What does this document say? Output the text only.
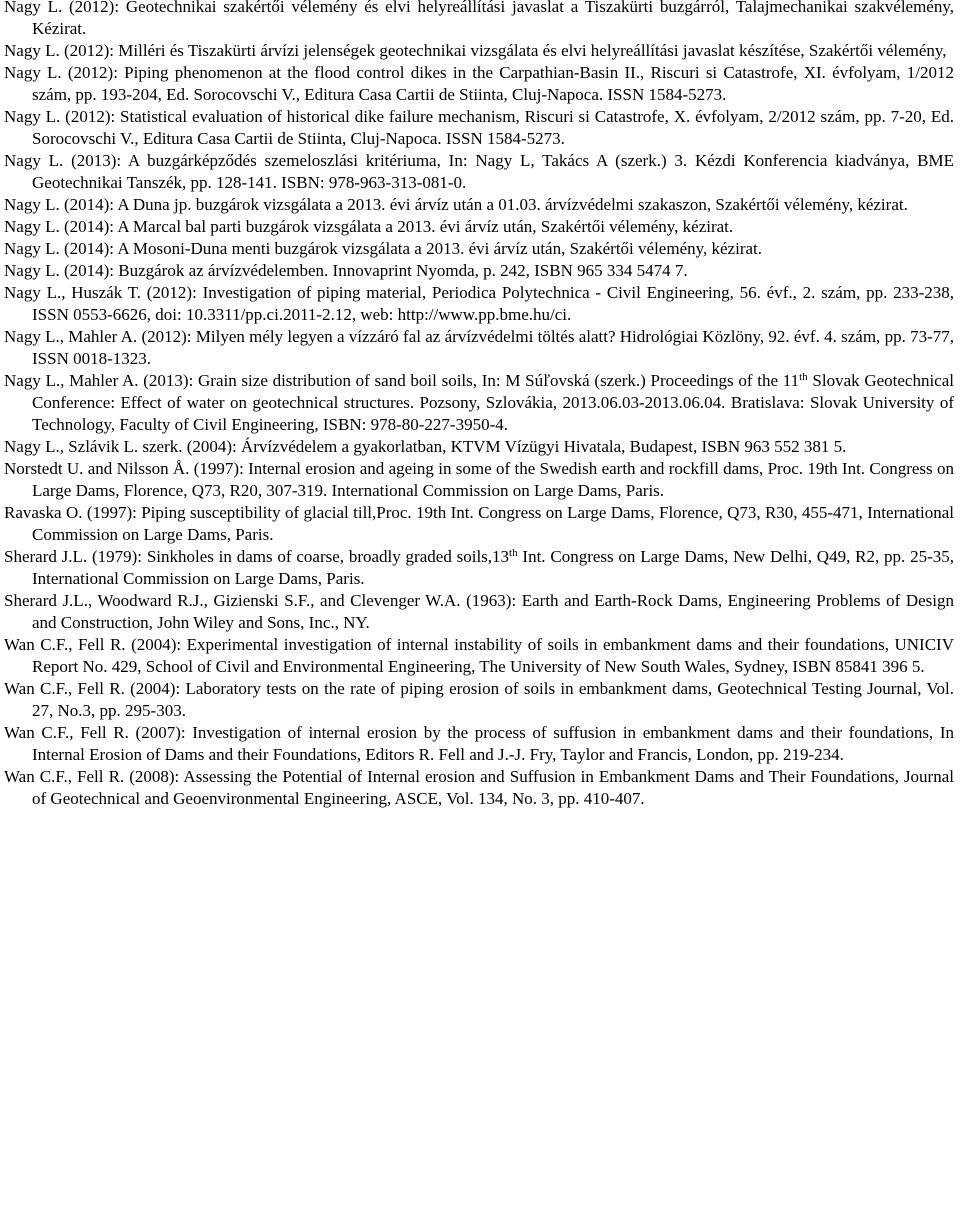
Nagy L. (2012): Geotechnikai szakértői vélemény és elvi helyreállítási javaslat a Tiszakürti buzgárról, Talajmechanikai szakvélemény, Kézirat.

Nagy L. (2012): Milléri és Tiszakürti árvízi jelenségek geotechnikai vizsgálata és elvi helyreállítási javaslat készítése, Szakértői vélemény,

Nagy L. (2012): Piping phenomenon at the flood control dikes in the Carpathian-Basin II., Riscuri si Catastrofe, XI. évfolyam, 1/2012 szám, pp. 193-204, Ed. Sorocovschi V., Editura Casa Cartii de Stiinta, Cluj-Napoca. ISSN 1584-5273.

Nagy L. (2012): Statistical evaluation of historical dike failure mechanism, Riscuri si Catastrofe, X. évfolyam, 2/2012 szám, pp. 7-20, Ed. Sorocovschi V., Editura Casa Cartii de Stiinta, Cluj-Napoca. ISSN 1584-5273.

Nagy L. (2013): A buzgárképződés szemeloszlási kritériuma, In: Nagy L, Takács A (szerk.) 3. Kézdi Konferencia kiadványa, BME Geotechnikai Tanszék, pp. 128-141. ISBN: 978-963-313-081-0.

Nagy L. (2014): A Duna jp. buzgárok vizsgálata a 2013. évi árvíz után a 01.03. árvízvédelmi szakaszon, Szakértői vélemény, kézirat.

Nagy L. (2014): A Marcal bal parti buzgárok vizsgálata a 2013. évi árvíz után, Szakértői vélemény, kézirat.

Nagy L. (2014): A Mosoni-Duna menti buzgárok vizsgálata a 2013. évi árvíz után, Szakértői vélemény, kézirat.

Nagy L. (2014): Buzgárok az árvízvédelemben. Innovaprint Nyomda, p. 242, ISBN 965 334 5474 7.

Nagy L., Huszák T. (2012): Investigation of piping material, Periodica Polytechnica - Civil Engineering, 56. évf., 2. szám, pp. 233-238, ISSN 0553-6626, doi: 10.3311/pp.ci.2011-2.12, web: http://www.pp.bme.hu/ci.

Nagy L., Mahler A. (2012): Milyen mély legyen a vízzáró fal az árvízvédelmi töltés alatt? Hidrológiai Közlöny, 92. évf. 4. szám, pp. 73-77, ISSN 0018-1323.

Nagy L., Mahler A. (2013): Grain size distribution of sand boil soils, In: M Súľovská (szerk.) Proceedings of the 11th Slovak Geotechnical Conference: Effect of water on geotechnical structures. Pozsony, Szlovákia, 2013.06.03-2013.06.04. Bratislava: Slovak University of Technology, Faculty of Civil Engineering, ISBN: 978-80-227-3950-4.

Nagy L., Szlávik L. szerk. (2004): Árvízvédelem a gyakorlatban, KTVM Vízügyi Hivatala, Budapest, ISBN 963 552 381 5.

Norstedt U. and Nilsson Å. (1997): Internal erosion and ageing in some of the Swedish earth and rockfill dams, Proc. 19th Int. Congress on Large Dams, Florence, Q73, R20, 307-319. International Commission on Large Dams, Paris.

Ravaska O. (1997): Piping susceptibility of glacial till,Proc. 19th Int. Congress on Large Dams, Florence, Q73, R30, 455-471, International Commission on Large Dams, Paris.

Sherard J.L. (1979): Sinkholes in dams of coarse, broadly graded soils,13th Int. Congress on Large Dams, New Delhi, Q49, R2, pp. 25-35, International Commission on Large Dams, Paris.

Sherard J.L., Woodward R.J., Gizienski S.F., and Clevenger W.A. (1963): Earth and Earth-Rock Dams, Engineering Problems of Design and Construction, John Wiley and Sons, Inc., NY.

Wan C.F., Fell R. (2004): Experimental investigation of internal instability of soils in embankment dams and their foundations, UNICIV Report No. 429, School of Civil and Environmental Engineering, The University of New South Wales, Sydney, ISBN 85841 396 5.

Wan C.F., Fell R. (2004): Laboratory tests on the rate of piping erosion of soils in embankment dams, Geotechnical Testing Journal, Vol. 27, No.3, pp. 295-303.

Wan C.F., Fell R. (2007): Investigation of internal erosion by the process of suffusion in embankment dams and their foundations, In Internal Erosion of Dams and their Foundations, Editors R. Fell and J.-J. Fry, Taylor and Francis, London, pp. 219-234.

Wan C.F., Fell R. (2008): Assessing the Potential of Internal erosion and Suffusion in Embankment Dams and Their Foundations, Journal of Geotechnical and Geoenvironmental Engineering, ASCE, Vol. 134, No. 3, pp. 410-407.
